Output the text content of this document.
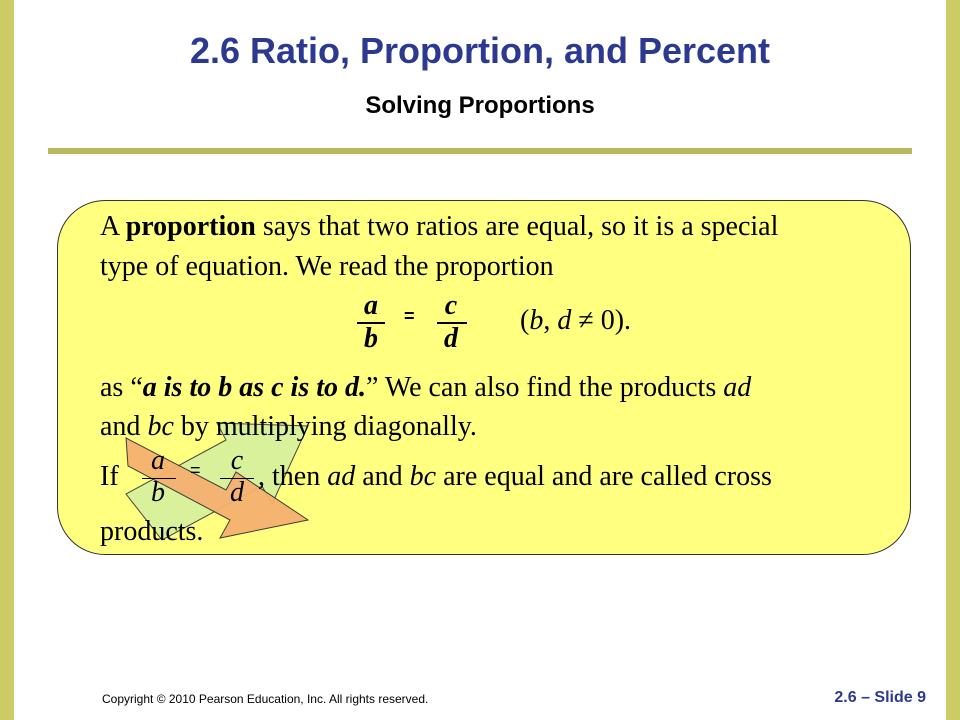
2.6 Ratio, Proportion, and Percent
Solving Proportions
A proportion says that two ratios are equal, so it is a special
type of equation. We read the proportion
a
b
=	c
d
(b, d ≠ 0).
as “a is to b as c is to d.” We can also find the products ad
and bc by multiplying diagonally.
If
a
b
= c
d
, then ad and bc are equal and are called cross
products.
Copyright © 2010 Pearson Education, Inc. All rights reserved.	2.6 – Slide 9
